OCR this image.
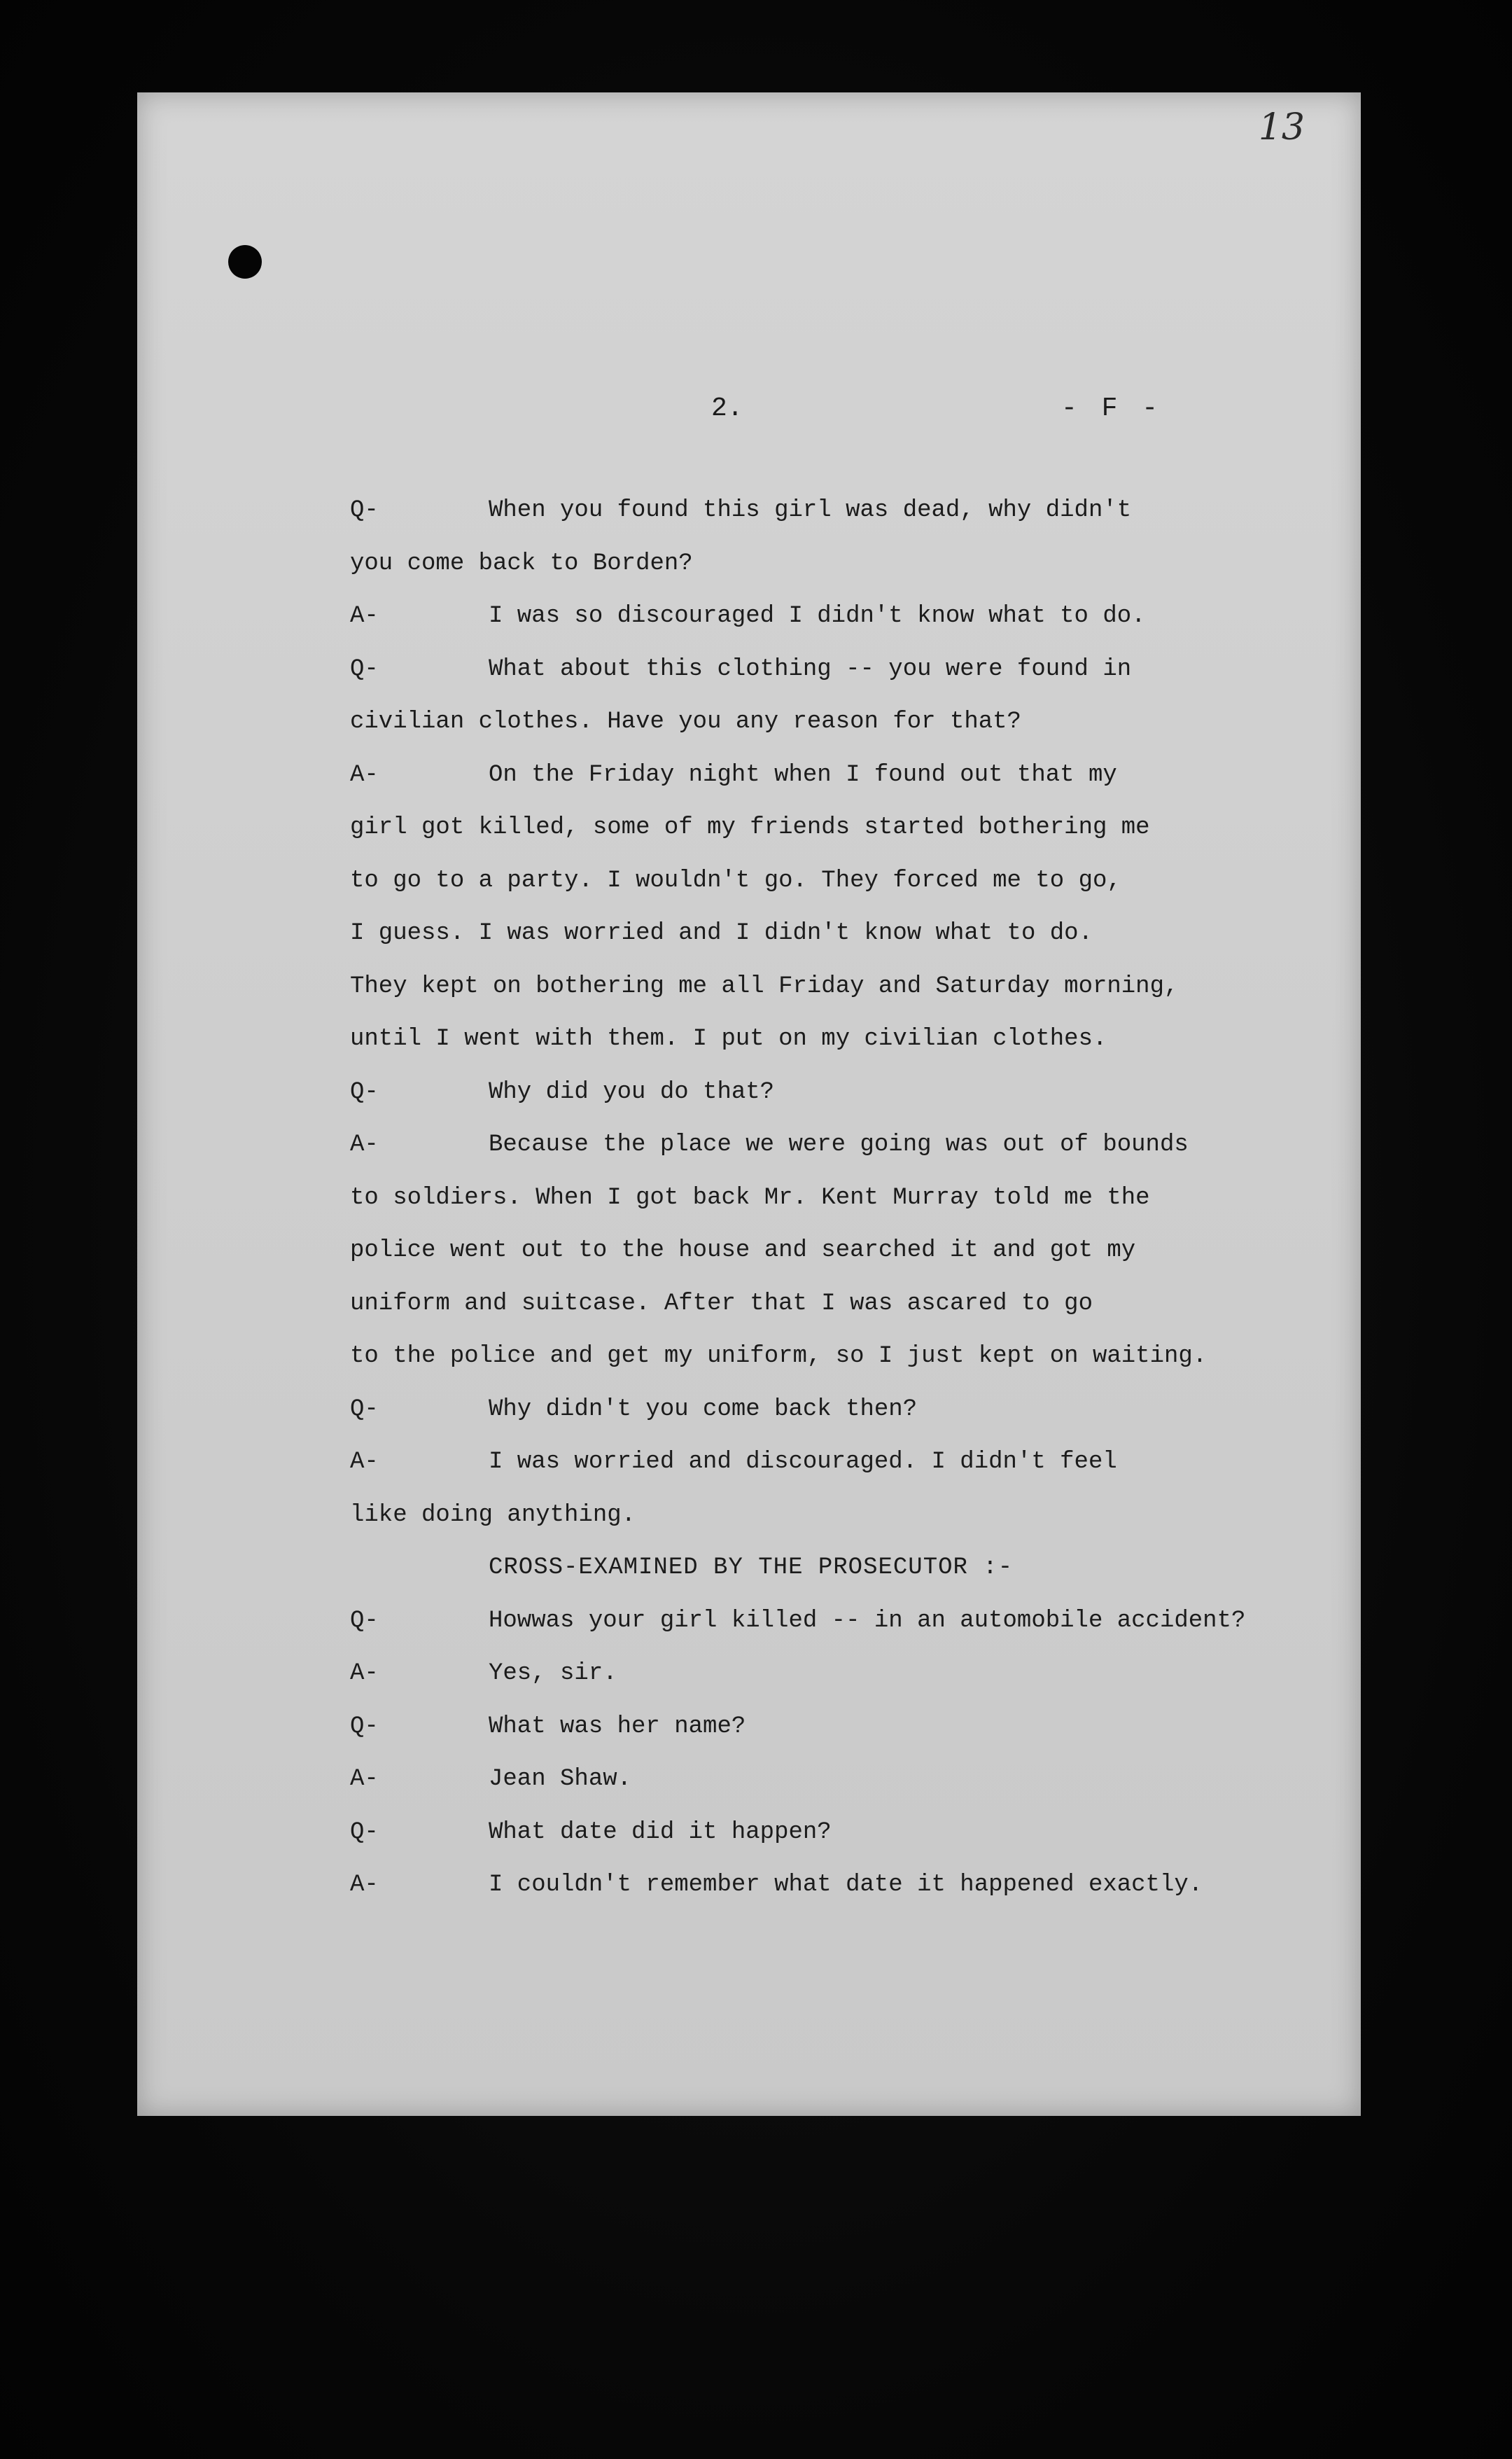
13
2.	- F -
Q-	When you found this girl was dead, why didn't
you come back to Borden?
A-	I was so discouraged I didn't know what to do.
Q-	What about this clothing -- you were found in
civilian clothes. Have you any reason for that?
A-	On the Friday night when I found out that my
girl got killed, some of my friends started bothering me
to go to a party. I wouldn't go. They forced me to go,
I guess. I was worried and I didn't know what to do.
They kept on bothering me all Friday and Saturday morning,
until I went with them. I put on my civilian clothes.
Q-	Why did you do that?
A-	Because the place we were going was out of bounds
to soldiers. When I got back Mr. Kent Murray told me the
police went out to the house and searched it and got my
uniform and suitcase. After that I was ascared to go
to the police and get my uniform, so I just kept on waiting.
Q-	Why didn't you come back then?
A-	I was worried and discouraged. I didn't feel
like doing anything.
CROSS-EXAMINED BY THE PROSECUTOR :-
Q-	Howwas your girl killed -- in an automobile accident?
A-	Yes, sir.
Q-	What was her name?
A-	Jean Shaw.
Q-	What date did it happen?
A-	I couldn't remember what date it happened exactly.
